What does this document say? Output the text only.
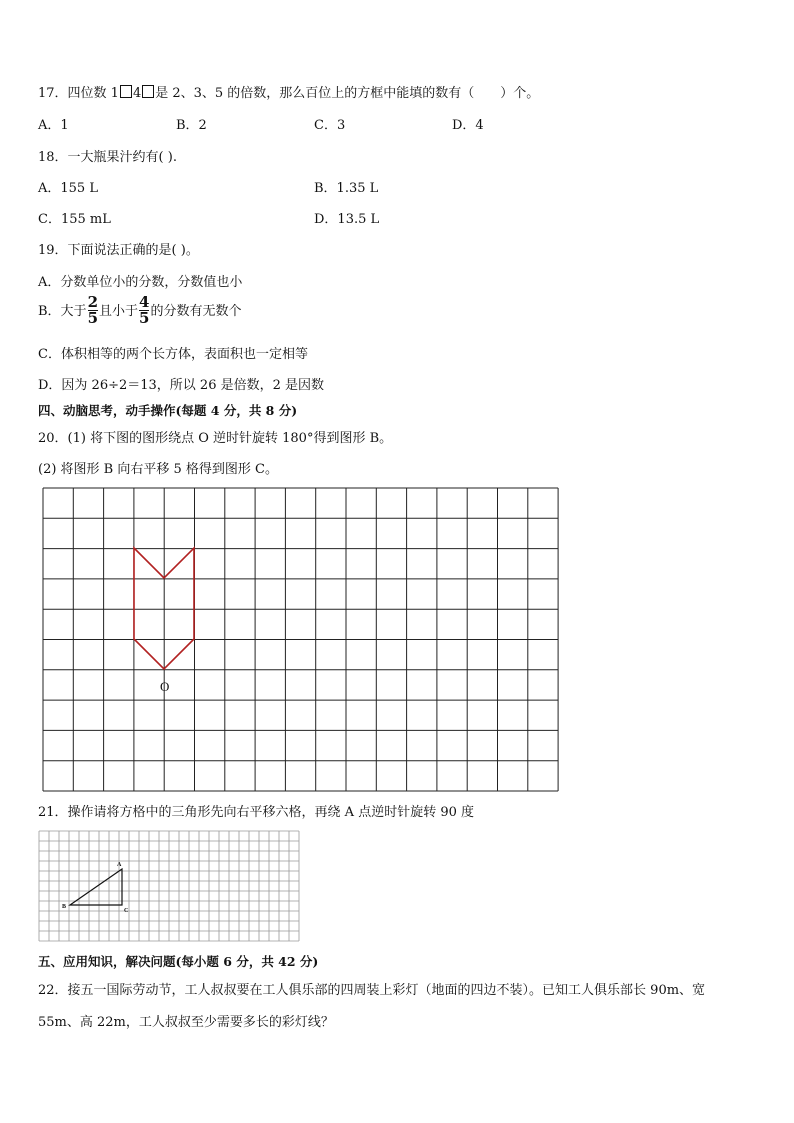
17．四位数 1 4 是 2、3、5 的倍数，那么百位上的方框中能填的数有（　　）个。
A．1	B．2	C．3	D．4
18．一大瓶果汁约有( ).
A．155 L	B．1.35 L
C．155 mL	D．13.5 L
19．下面说法正确的是( )。
A．分数单位小的分数，分数值也小
B．大于 $\frac{2}{5}$ 且小于 $\frac{4}{5}$ 的分数有无数个
C．体积相等的两个长方体，表面积也一定相等
D．因为 26÷2＝13，所以 26 是倍数，2 是因数
四、动脑思考，动手操作(每题 4 分，共 8 分)
20．(1) 将下图的图形绕点 O 逆时针旋转 180°得到图形 B。
(2) 将图形 B 向右平移 5 格得到图形 C。
O
21．操作请将方格中的三角形先向右平移六格，再绕 A 点逆时针旋转 90 度
A
B
C
五、应用知识，解决问题(每小题 6 分，共 42 分)
22．接五一国际劳动节，工人叔叔要在工人俱乐部的四周装上彩灯（地面的四边不装）。已知工人俱乐部长 90m、宽
55m、高 22m，工人叔叔至少需要多长的彩灯线？
